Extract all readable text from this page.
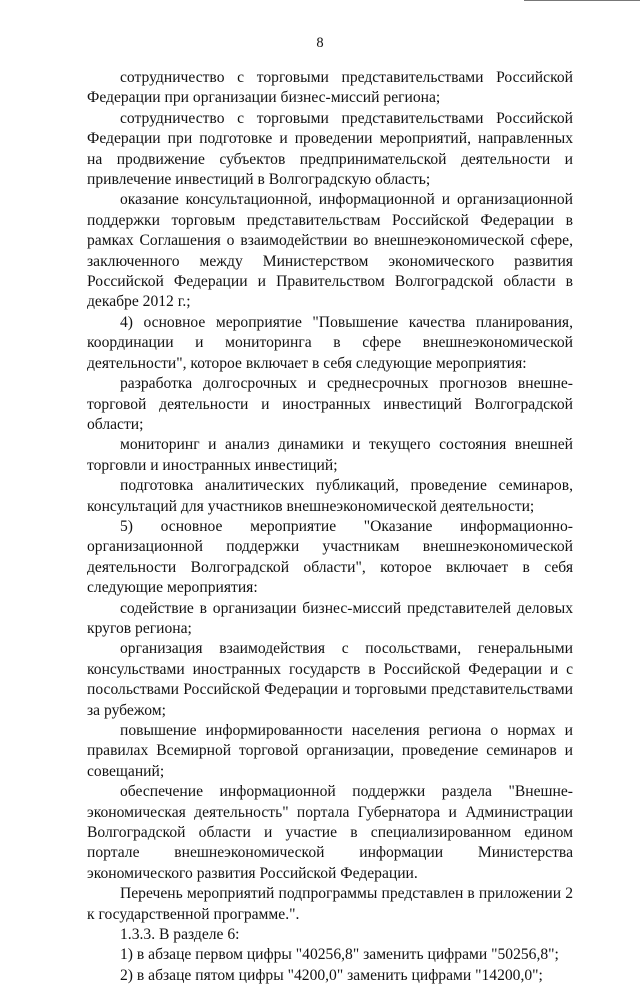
8

сотрудничество с торговыми представительствами Российской Федерации при организации бизнес-миссий региона;

сотрудничество с торговыми представительствами Российской Федерации при подготовке и проведении мероприятий, направленных на продвижение субъектов предпринимательской деятельности и привлечение инвестиций в Волгоградскую область;

оказание консультационной, информационной и организационной поддержки торговым представительствам Российской Федерации в рамках Соглашения о взаимодействии во внешнеэкономической сфере, заключенного между Министерством экономического развития Российской Федерации и Правительством Волгоградской области в декабре 2012 г.;

4) основное мероприятие "Повышение качества планирования, координации и мониторинга в сфере внешнеэкономической деятельности", которое включает в себя следующие мероприятия:

разработка долгосрочных и среднесрочных прогнозов внешнеторговой деятельности и иностранных инвестиций Волгоградской области;

мониторинг и анализ динамики и текущего состояния внешней торговли и иностранных инвестиций;

подготовка аналитических публикаций, проведение семинаров, консультаций для участников внешнеэкономической деятельности;

5) основное мероприятие "Оказание информационно-организационной поддержки участникам внешнеэкономической деятельности Волгоградской области", которое включает в себя следующие мероприятия:

содействие в организации бизнес-миссий представителей деловых кругов региона;

организация взаимодействия с посольствами, генеральными консульствами иностранных государств в Российской Федерации и с посольствами Российской Федерации и торговыми представительствами за рубежом;

повышение информированности населения региона о нормах и правилах Всемирной торговой организации, проведение семинаров и совещаний;

обеспечение информационной поддержки раздела "Внешнеэкономическая деятельность" портала Губернатора и Администрации Волгоградской области и участие в специализированном едином портале внешнеэкономической информации Министерства экономического развития Российской Федерации.

Перечень мероприятий подпрограммы представлен в приложении 2 к государственной программе.".

1.3.3. В разделе 6:

1) в абзаце первом цифры "40256,8" заменить цифрами "50256,8";

2) в абзаце пятом цифры "4200,0" заменить цифрами "14200,0";
